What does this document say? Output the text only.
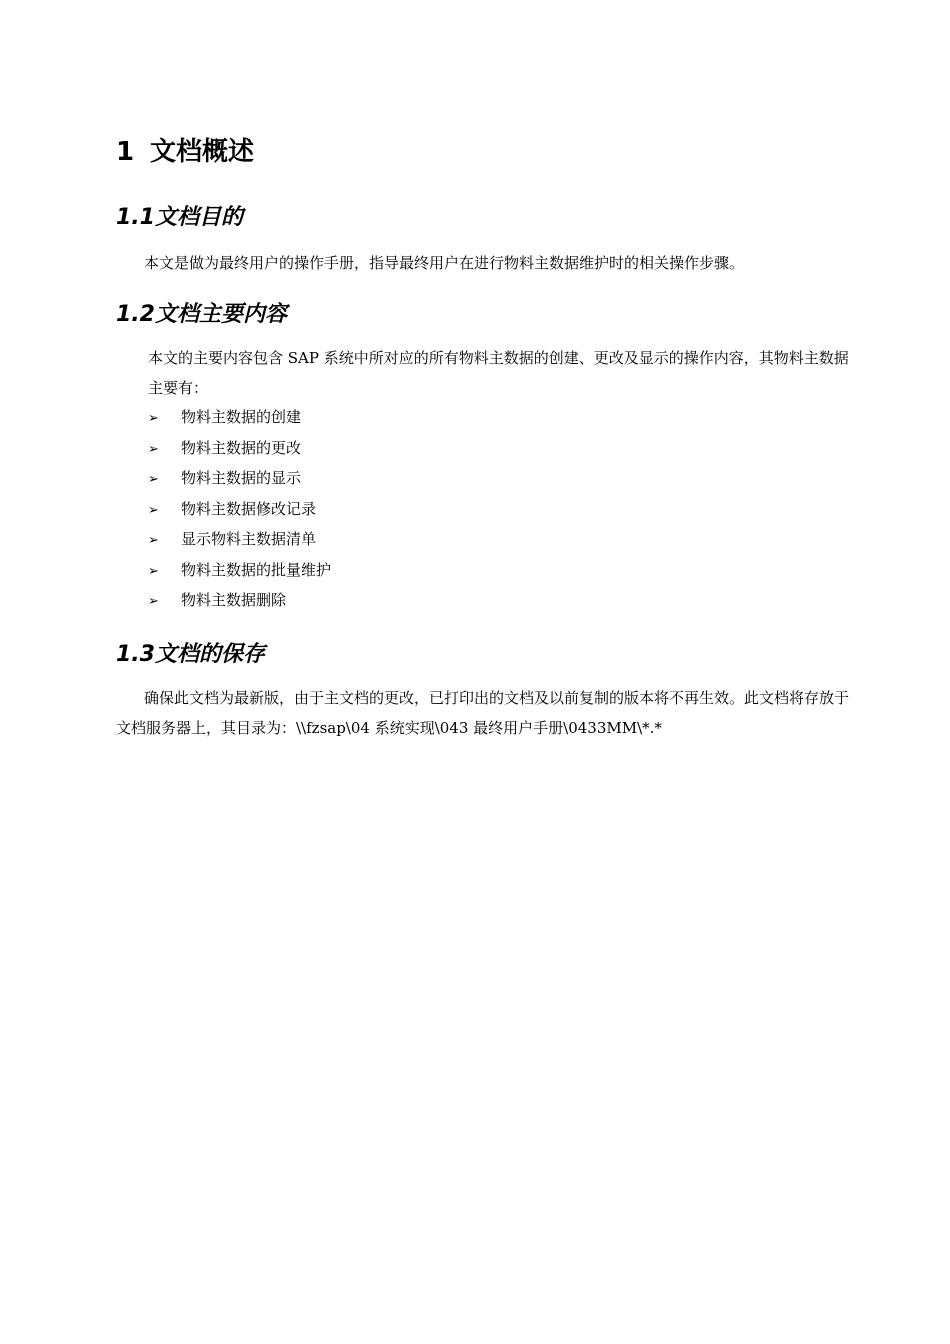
1 文档概述
1.1文档目的

本文是做为最终用户的操作手册，指导最终用户在进行物料主数据维护时的相关操作步骤。

1.2文档主要内容

本文的主要内容包含 SAP 系统中所对应的所有物料主数据的创建、更改及显示的操作内容，其物料主数据主要有：

➢ 物料主数据的创建
➢ 物料主数据的更改
➢ 物料主数据的显示
➢ 物料主数据修改记录
➢ 显示物料主数据清单
➢ 物料主数据的批量维护
➢ 物料主数据删除
1.3文档的保存

确保此文档为最新版，由于主文档的更改，已打印出的文档及以前复制的版本将不再生效。此文档将存放于文档服务器上，其目录为：\\fzsap\04 系统实现\043 最终用户手册\0433MM\*.*
